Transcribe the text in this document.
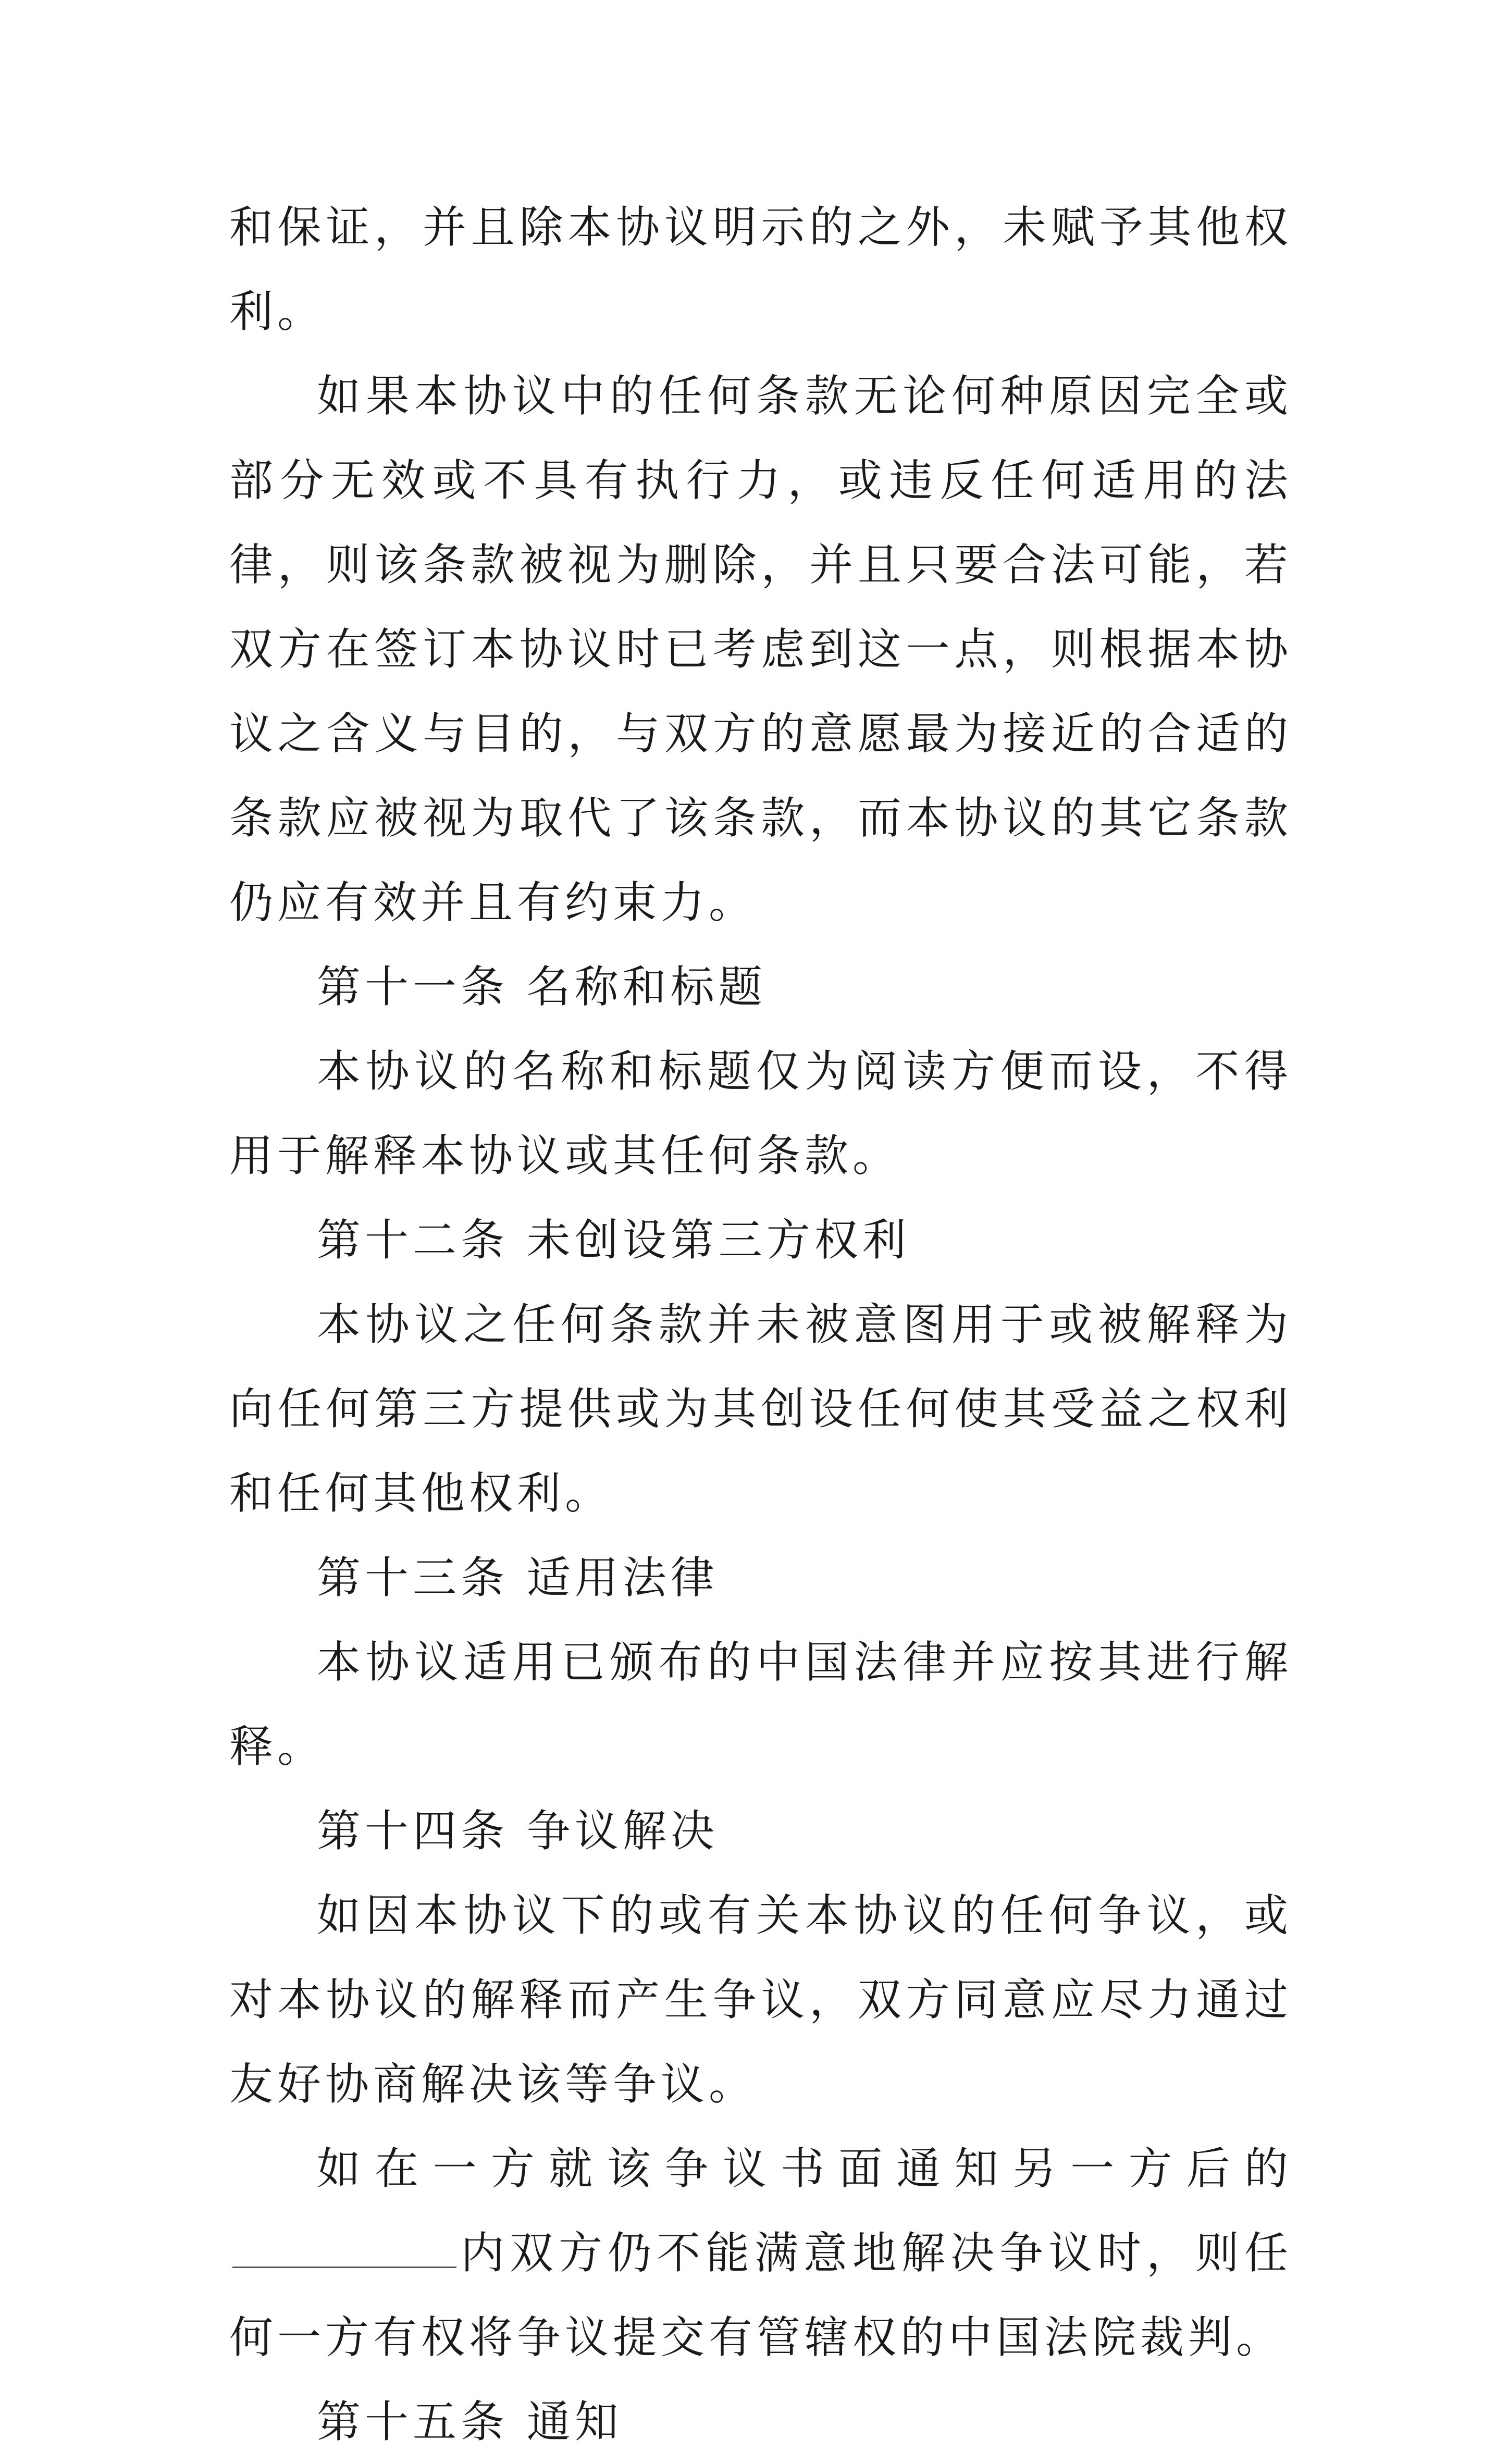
和保证，并且除本协议明示的之外，未赋予其他权利。

如果本协议中的任何条款无论何种原因完全或部分无效或不具有执行力，或违反任何适用的法律，则该条款被视为删除，并且只要合法可能，若双方在签订本协议时已考虑到这一点，则根据本协议之含义与目的，与双方的意愿最为接近的合适的条款应被视为取代了该条款，而本协议的其它条款仍应有效并且有约束力。

第十一条 名称和标题

本协议的名称和标题仅为阅读方便而设，不得用于解释本协议或其任何条款。

第十二条 未创设第三方权利

本协议之任何条款并未被意图用于或被解释为向任何第三方提供或为其创设任何使其受益之权利和任何其他权利。

第十三条 适用法律

本协议适用已颁布的中国法律并应按其进行解释。

第十四条 争议解决

如因本协议下的或有关本协议的任何争议，或对本协议的解释而产生争议，双方同意应尽力通过友好协商解决该等争议。

如在一方就该争议书面通知另一方后的内双方仍不能满意地解决争议时，则任何一方有权将争议提交有管辖权的中国法院裁判。

第十五条 通知
